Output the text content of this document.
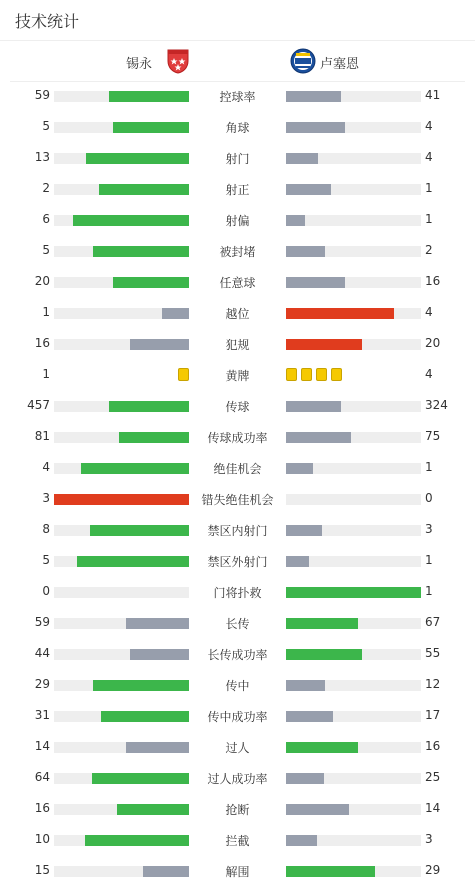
技术统计
锡永	卢塞恩
59	控球率	41
5	角球	4
13	射门	4
2	射正	1
6	射偏	1
5	被封堵	2
20	任意球	16
1	越位	4
16	犯规	20
1	黄牌	4
457	传球	324
81	传球成功率	75
4	绝佳机会	1
3	错失绝佳机会	0
8	禁区内射门	3
5	禁区外射门	1
0	门将扑救	1
59	长传	67
44	长传成功率	55
29	传中	12
31	传中成功率	17
14	过人	16
64	过人成功率	25
16	抢断	14
10	拦截	3
15	解围	29
